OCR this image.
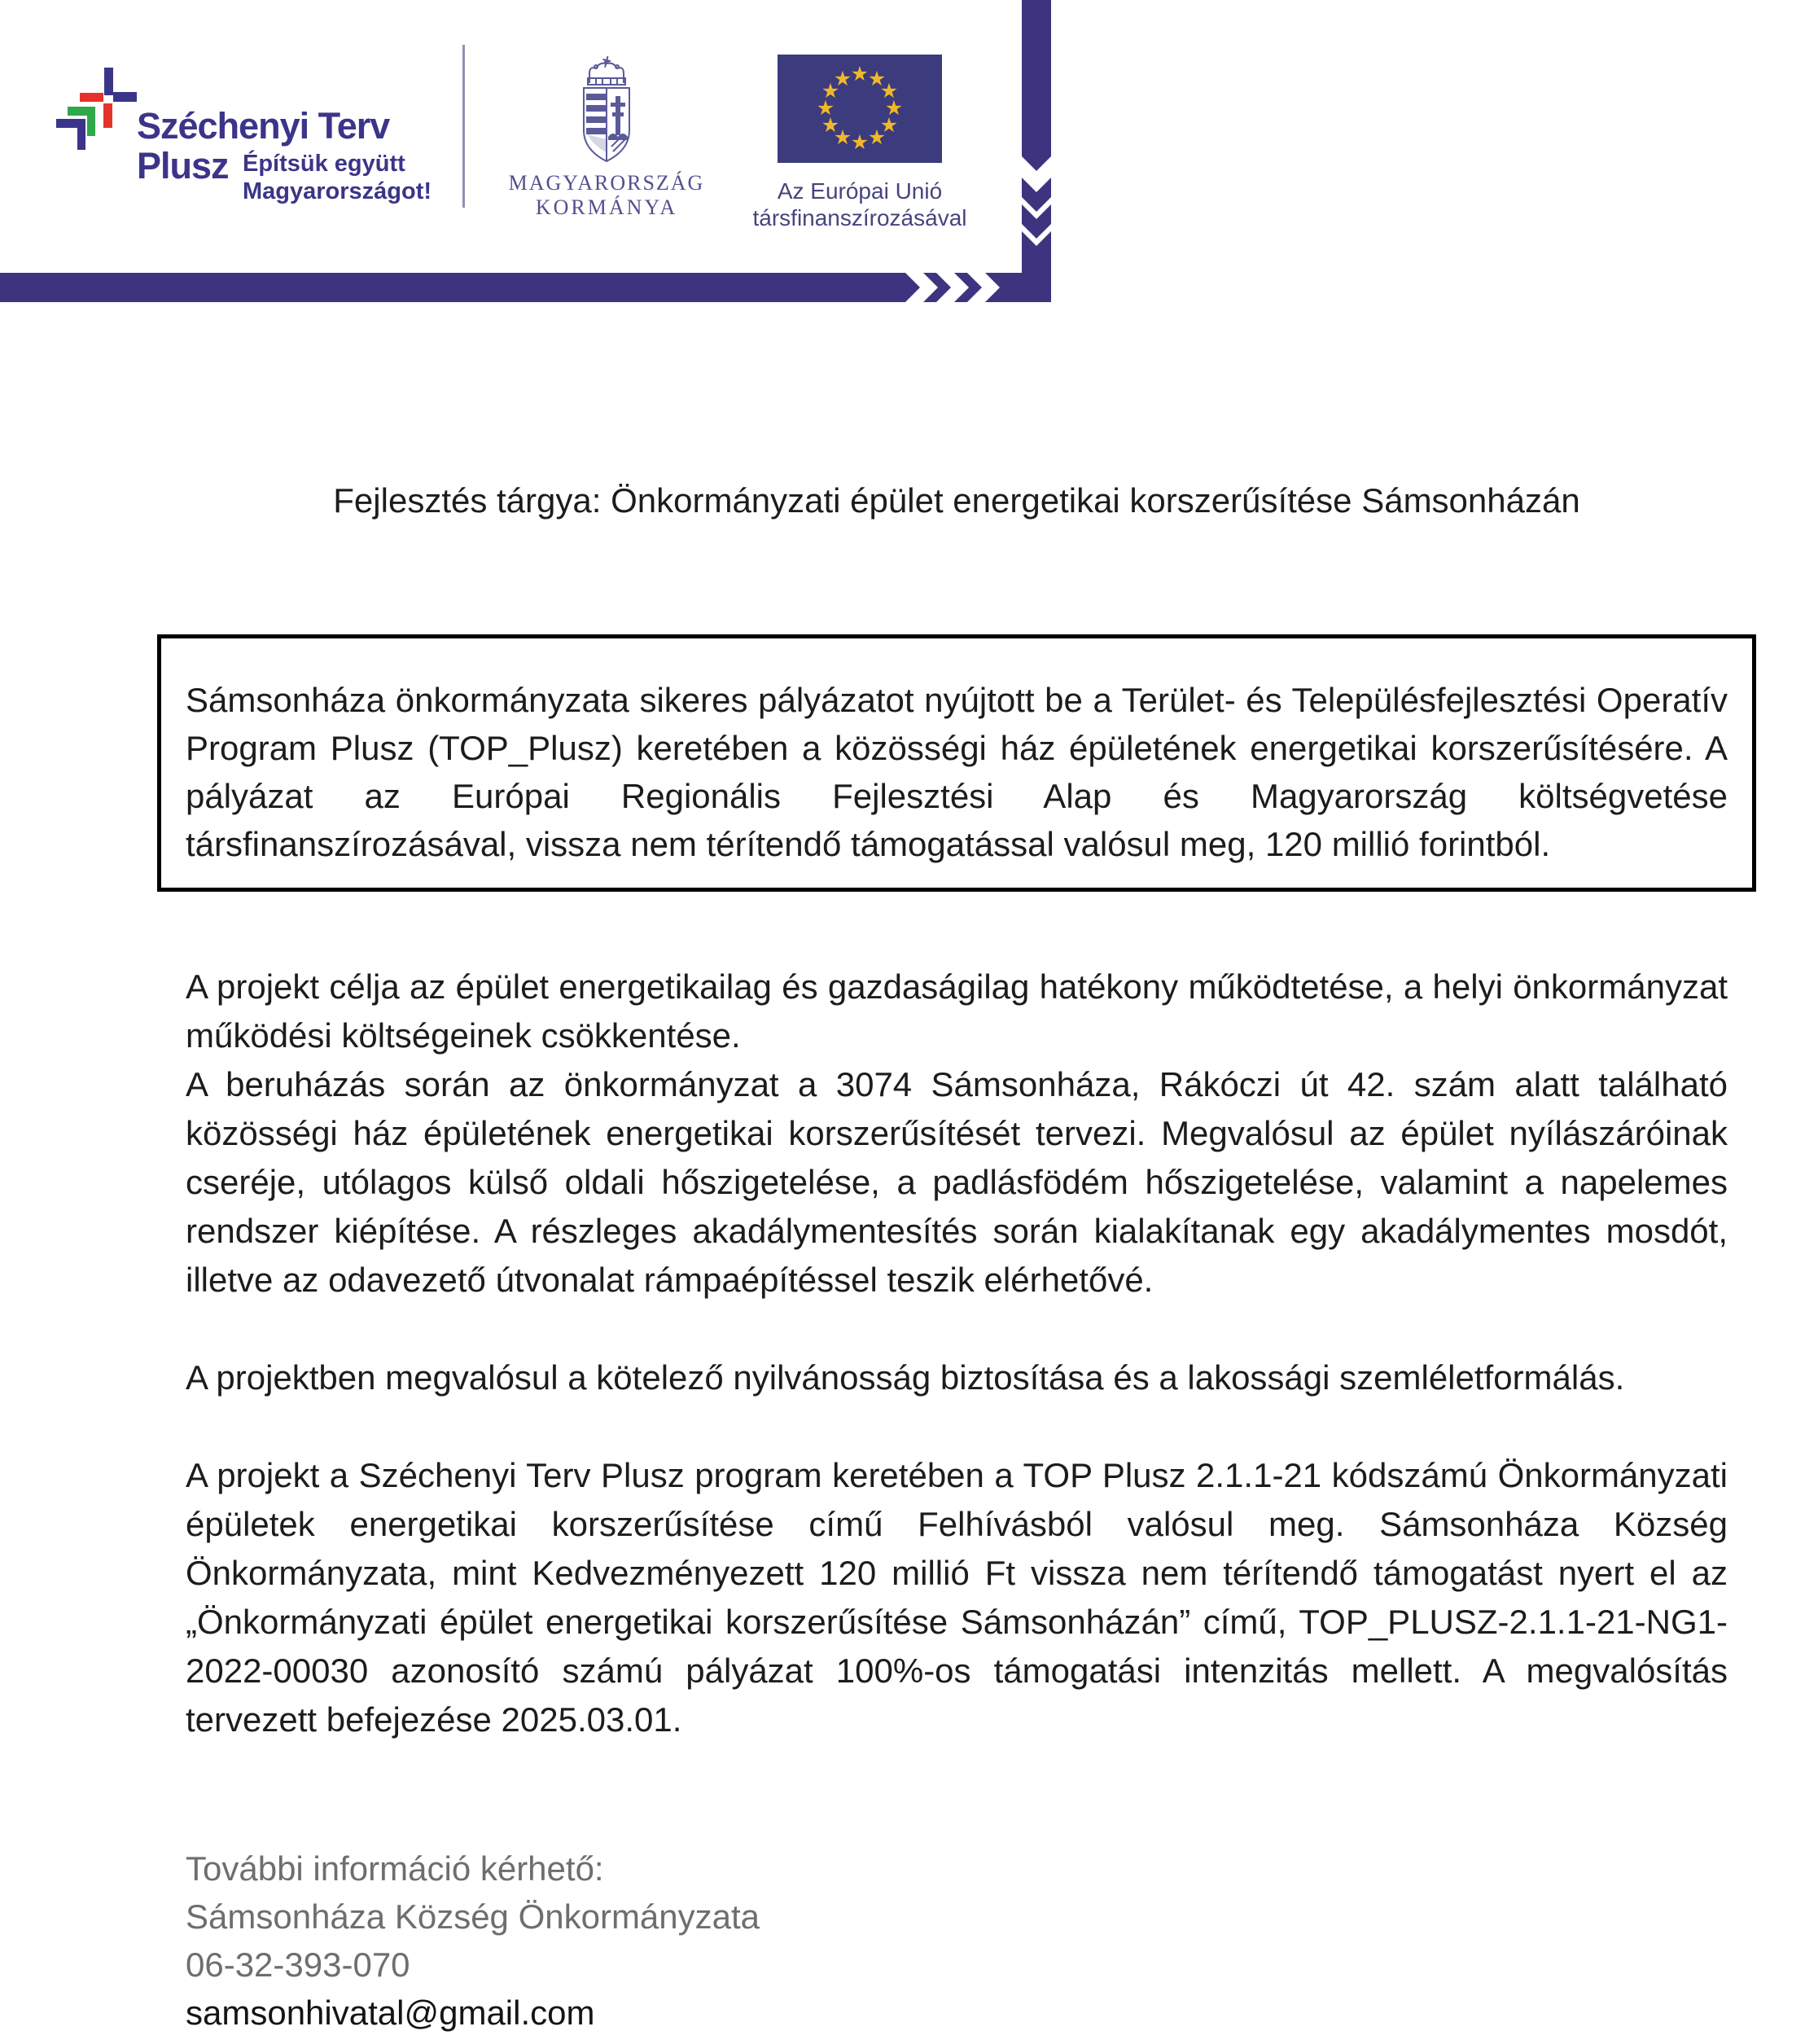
Széchenyi Terv
Plusz Építsük együtt
Magyarországot!	MAGYARORSZÁG
KORMÁNYA
★
★
★
★
★
★
★
★
★
★
★
★
Az Európai Unió
társfinanszírozásával
Fejlesztés tárgya: Önkormányzati épület energetikai korszerűsítése Sámsonházán

Sámsonháza önkormányzata sikeres pályázatot nyújtott be a Terület- és Településfejlesztési Operatív Program Plusz (TOP_Plusz) keretében a közösségi ház épületének energetikai korszerűsítésére. A pályázat az Európai Regionális Fejlesztési Alap és Magyarország költségvetése társfinanszírozásával, vissza nem térítendő támogatással valósul meg, 120 millió forintból.

A projekt célja az épület energetikailag és gazdaságilag hatékony működtetése, a helyi önkormányzat működési költségeinek csökkentése.

A beruházás során az önkormányzat a 3074 Sámsonháza, Rákóczi út 42. szám alatt található közösségi ház épületének energetikai korszerűsítését tervezi. Megvalósul az épület nyílászáróinak cseréje, utólagos külső oldali hőszigetelése, a padlásfödém hőszigetelése, valamint a napelemes rendszer kiépítése. A részleges akadálymentesítés során kialakítanak egy akadálymentes mosdót, illetve az odavezető útvonalat rámpaépítéssel teszik elérhetővé.

A projektben megvalósul a kötelező nyilvánosság biztosítása és a lakossági szemléletformálás.

A projekt a Széchenyi Terv Plusz program keretében a TOP Plusz 2.1.1-21 kódszámú Önkormányzati épületek energetikai korszerűsítése című Felhívásból valósul meg. Sámsonháza Község Önkormányzata, mint Kedvezményezett 120 millió Ft vissza nem térítendő támogatást nyert el az „Önkormányzati épület energetikai korszerűsítése Sámsonházán” című, TOP_PLUSZ-2.1.1-21-NG1-2022-00030 azonosító számú pályázat 100%-os támogatási intenzitás mellett. A megvalósítás tervezett befejezése 2025.03.01.

További információ kérhető:
Sámsonháza Község Önkormányzata
06-32-393-070
samsonhivatal@gmail.com
